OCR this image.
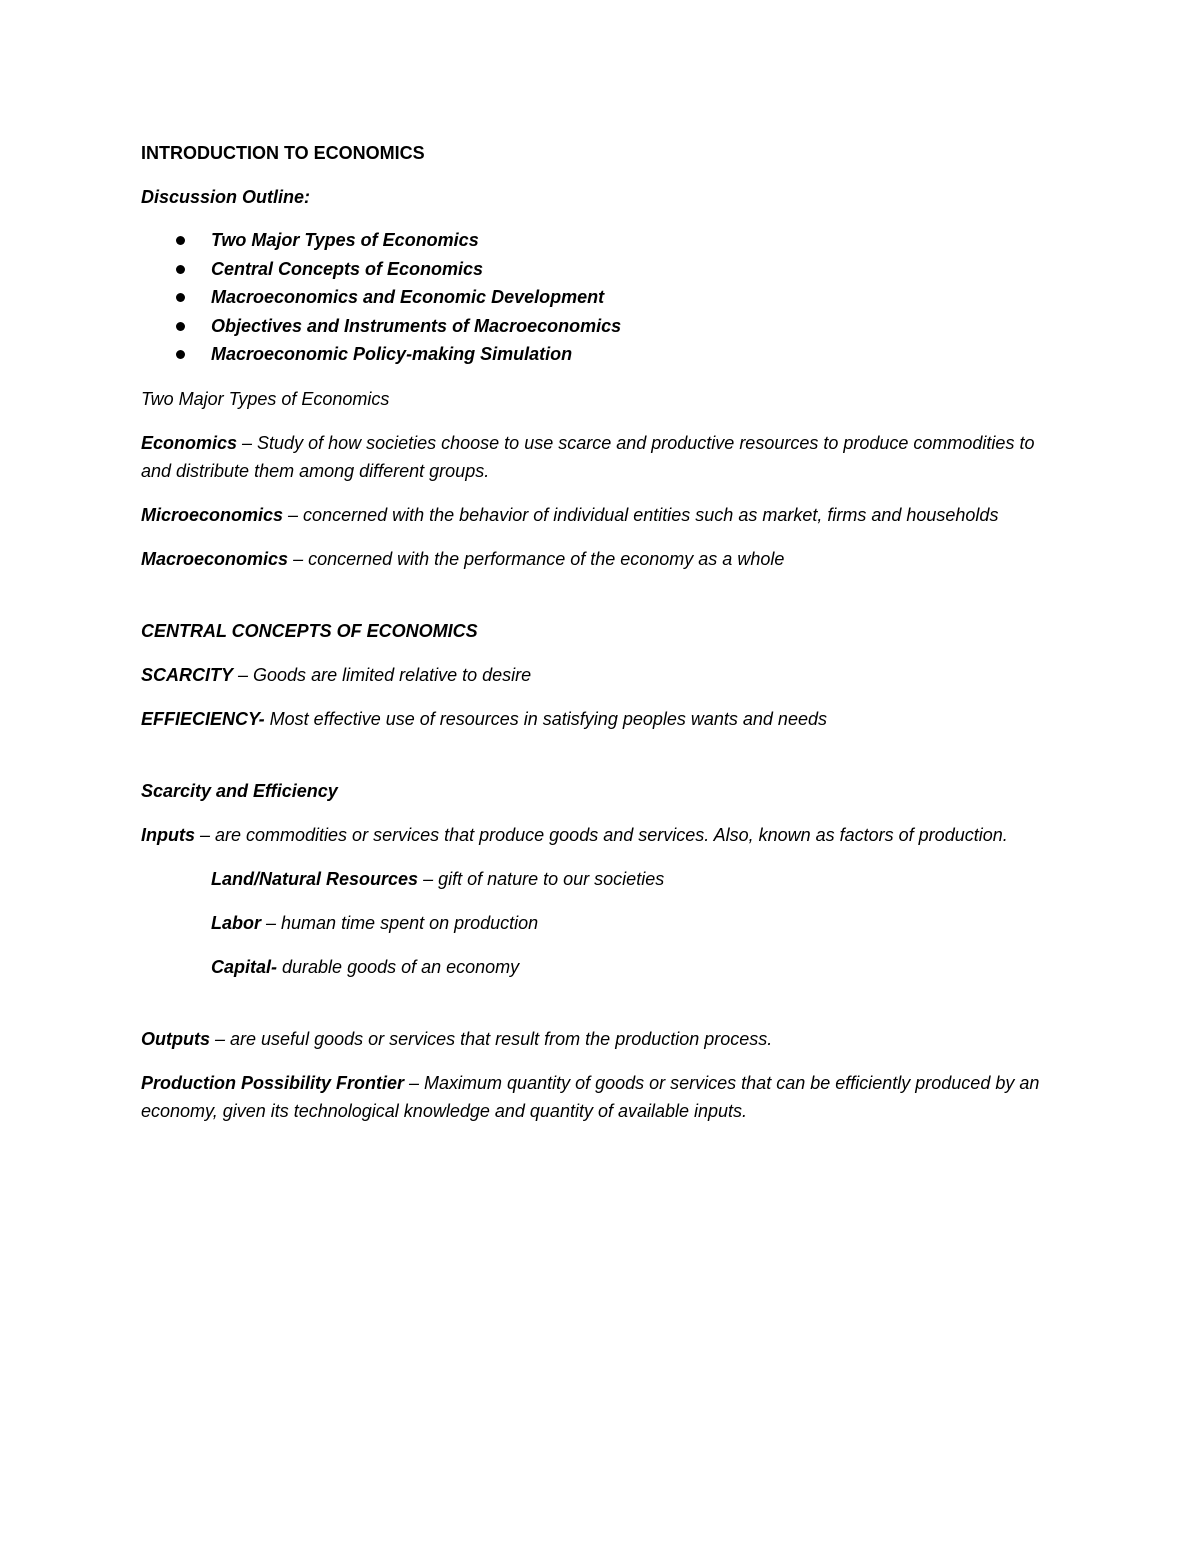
INTRODUCTION TO ECONOMICS

Discussion Outline:

Two Major Types of Economics
Central Concepts of Economics
Macroeconomics and Economic Development
Objectives and Instruments of Macroeconomics
Macroeconomic Policy-making Simulation

Two Major Types of Economics

Economics – Study of how societies choose to use scarce and productive resources to produce commodities to and distribute them among different groups.

Microeconomics – concerned with the behavior of individual entities such as market, firms and households

Macroeconomics – concerned with the performance of the economy as a whole

CENTRAL CONCEPTS OF ECONOMICS

SCARCITY – Goods are limited relative to desire

EFFIECIENCY- Most effective use of resources in satisfying peoples wants and needs

Scarcity and Efficiency

Inputs – are commodities or services that produce goods and services. Also, known as factors of production.

Land/Natural Resources – gift of nature to our societies

Labor – human time spent on production

Capital- durable goods of an economy

Outputs – are useful goods or services that result from the production process.

Production Possibility Frontier – Maximum quantity of goods or services that can be efficiently produced by an economy, given its technological knowledge and quantity of available inputs.
